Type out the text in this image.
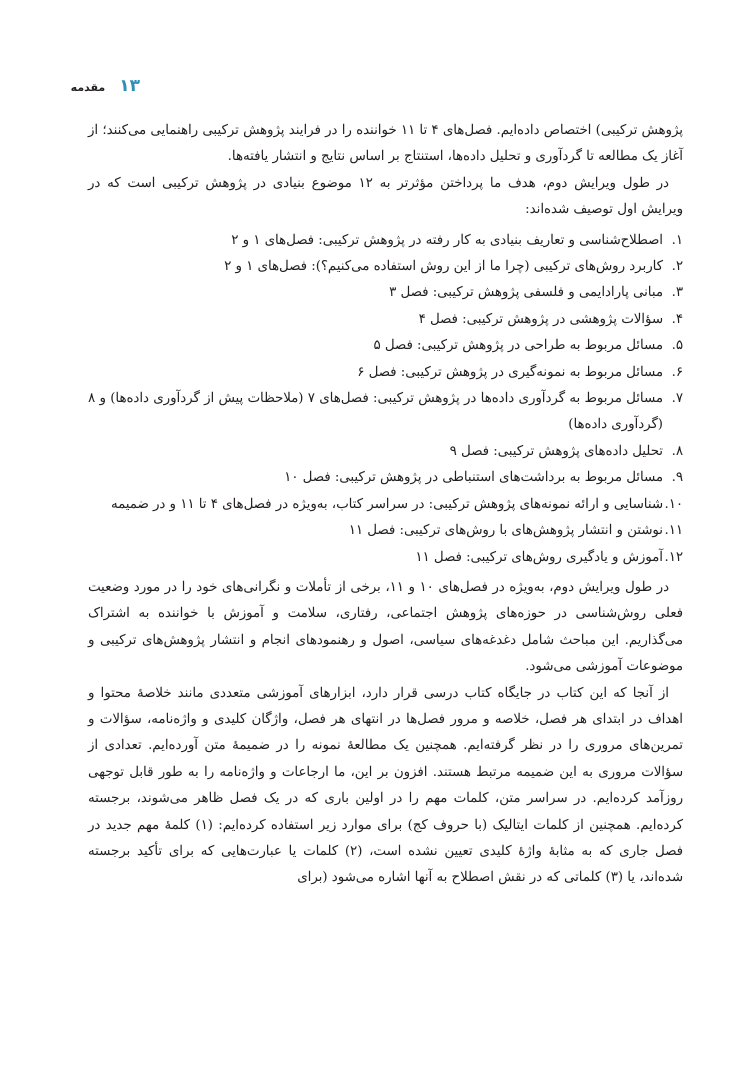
۱۳
مقدمه

پژوهش ترکیبی) اختصاص داده‌ایم. فصل‌های ۴ تا ۱۱ خواننده را در فرایند پژوهش ترکیبی راهنمایی می‌کنند؛ از آغاز یک مطالعه تا گردآوری و تحلیل داده‌ها، استنتاج بر اساس نتایج و انتشار یافته‌ها.

در طول ویرایش دوم، هدف ما پرداختن مؤثرتر به ۱۲ موضوع بنیادی در پژوهش ترکیبی است که در ویرایش اول توصیف شده‌اند:

۱.
اصطلاح‌شناسی و تعاریف بنیادی به کار رفته در پژوهش ترکیبی: فصل‌های ۱ و ۲
۲.
کاربرد روش‌های ترکیبی (چرا ما از این روش استفاده می‌کنیم؟): فصل‌های ۱ و ۲
۳.
مبانی پارادایمی و فلسفی پژوهش ترکیبی: فصل ۳
۴.
سؤالات پژوهشی در پژوهش ترکیبی: فصل ۴
۵.
مسائل مربوط به طراحی در پژوهش ترکیبی: فصل ۵
۶.
مسائل مربوط به نمونه‌گیری در پژوهش ترکیبی: فصل ۶
۷.
مسائل مربوط به گردآوری داده‌ها در پژوهش ترکیبی: فصل‌های ۷ (ملاحظات پیش از گردآوری داده‌ها) و ۸ (گردآوری داده‌ها)
۸.
تحلیل داده‌های پژوهش ترکیبی: فصل ۹
۹.
مسائل مربوط به برداشت‌های استنباطی در پژوهش ترکیبی: فصل ۱۰
۱۰.
شناسایی و ارائه نمونه‌های پژوهش ترکیبی: در سراسر کتاب، به‌ویژه در فصل‌های ۴ تا ۱۱ و در ضمیمه
۱۱.
نوشتن و انتشار پژوهش‌های با روش‌های ترکیبی: فصل ۱۱
۱۲.
آموزش و یادگیری روش‌های ترکیبی: فصل ۱۱

در طول ویرایش دوم، به‌ویژه در فصل‌های ۱۰ و ۱۱، برخی از تأملات و نگرانی‌های خود را در مورد وضعیت فعلی روش‌شناسی در حوزه‌های پژوهش اجتماعی، رفتاری، سلامت و آموزش با خواننده به اشتراک می‌گذاریم. این مباحث شامل دغدغه‌های سیاسی، اصول و رهنمودهای انجام و انتشار پژوهش‌های ترکیبی و موضوعات آموزشی می‌شود.

از آنجا که این کتاب در جایگاه کتاب درسی قرار دارد، ابزارهای آموزشی متعددی مانند خلاصهٔ محتوا و اهداف در ابتدای هر فصل، خلاصه و مرور فصل‌ها در انتهای هر فصل، واژگان کلیدی و واژه‌نامه، سؤالات و تمرین‌های مروری را در نظر گرفته‌ایم. همچنین یک مطالعهٔ نمونه را در ضمیمهٔ متن آورده‌ایم. تعدادی از سؤالات مروری به این ضمیمه مرتبط هستند. افزون بر این، ما ارجاعات و واژه‌نامه را به طور قابل توجهی روزآمد کرده‌ایم. در سراسر متن، کلمات مهم را در اولین باری که در یک فصل ظاهر می‌شوند، برجسته کرده‌ایم. همچنین از کلمات ایتالیک (با حروف کج) برای موارد زیر استفاده کرده‌ایم: (۱) کلمهٔ مهم جدید در فصل جاری که به مثابهٔ واژهٔ کلیدی تعیین نشده است، (۲) کلمات یا عبارت‌هایی که برای تأکید برجسته شده‌اند، یا (۳) کلماتی که در نقش اصطلاح به آنها اشاره می‌شود (برای
